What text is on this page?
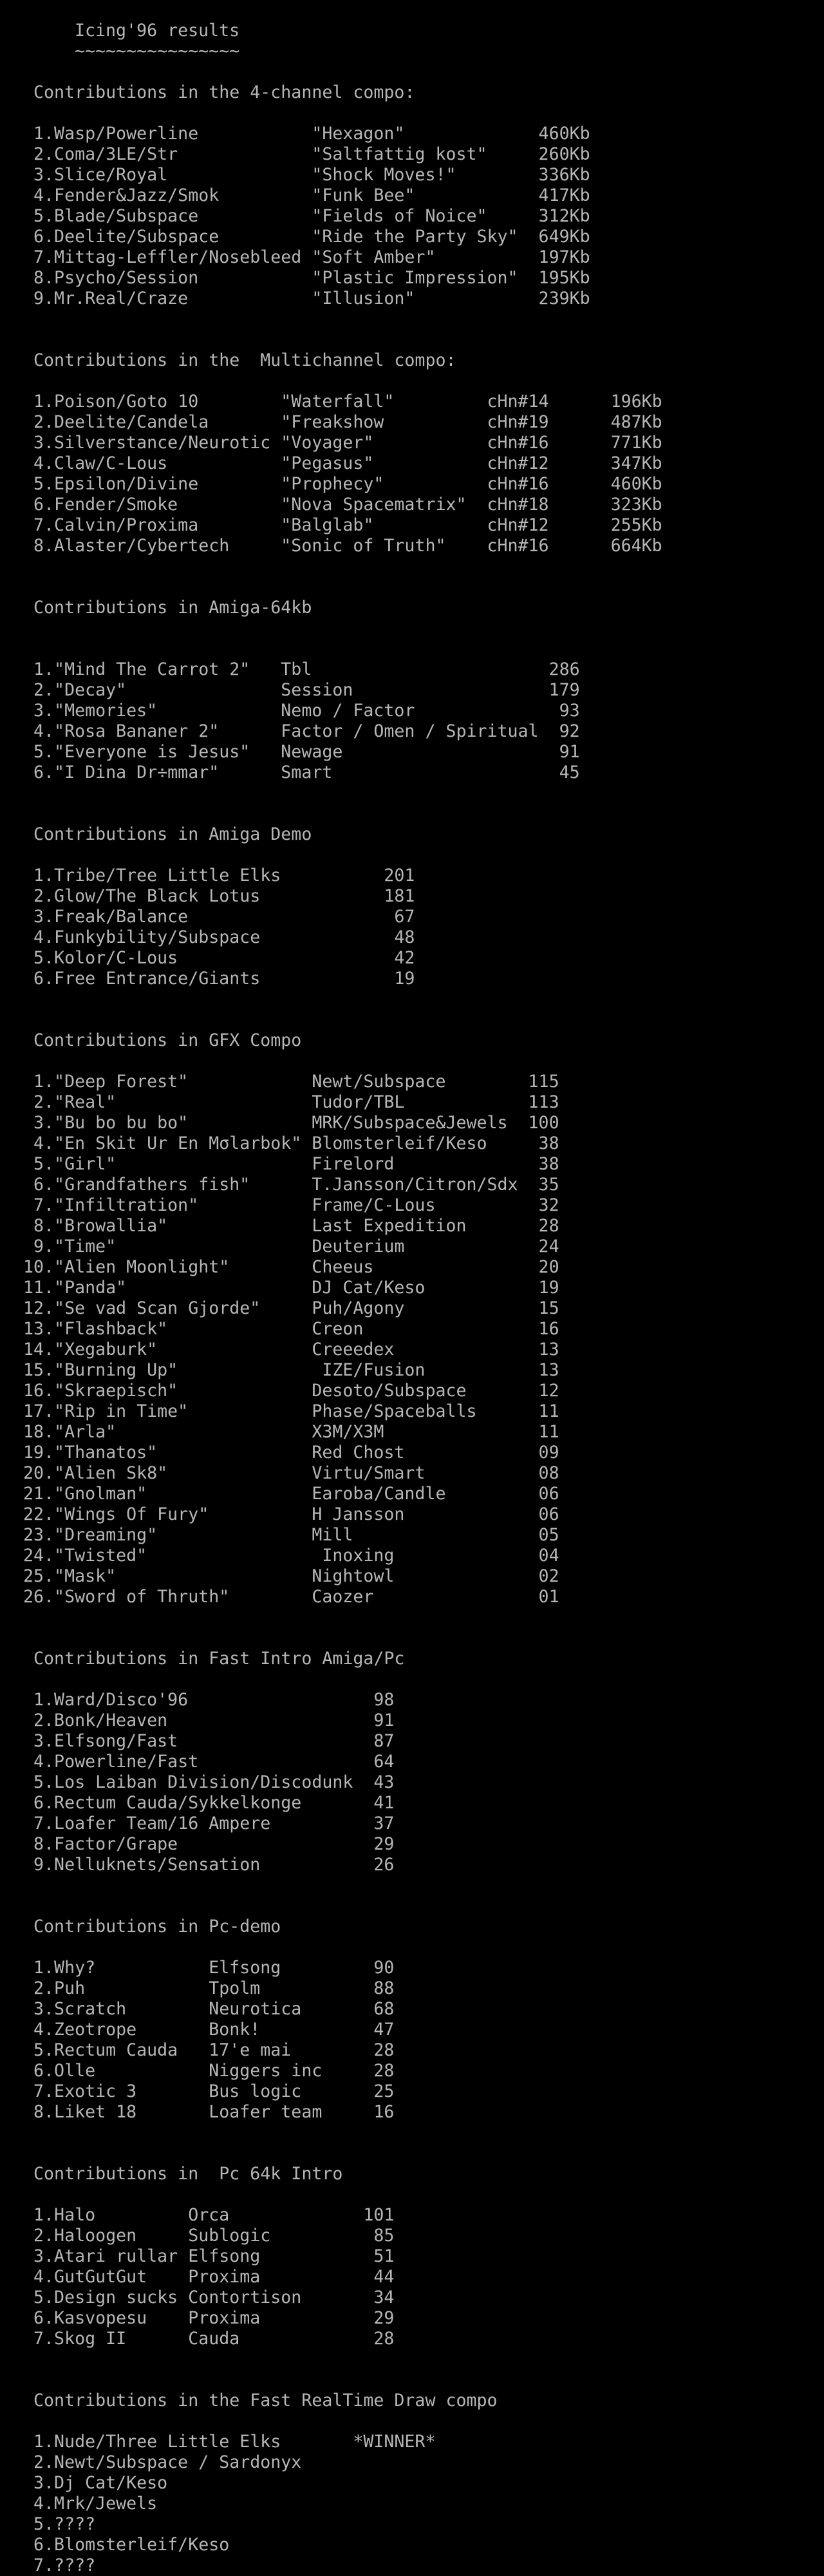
Icing'96 results
~~~~~~~~~~~~~~~~
Contributions in the 4-channel compo:
1.Wasp/Powerline           "Hexagon"             460Kb
2.Coma/3LE/Str             "Saltfattig kost"     260Kb
3.Slice/Royal              "Shock Moves!"        336Kb
4.Fender&Jazz/Smok         "Funk Bee"            417Kb
5.Blade/Subspace           "Fields of Noice"     312Kb
6.Deelite/Subspace         "Ride the Party Sky"  649Kb
7.Mittag-Leffler/Nosebleed "Soft Amber"          197Kb
8.Psycho/Session           "Plastic Impression"  195Kb
9.Mr.Real/Craze            "Illusion"            239Kb
Contributions in the  Multichannel compo:
1.Poison/Goto 10        "Waterfall"         cHn#14      196Kb
2.Deelite/Candela       "Freakshow          cHn#19      487Kb
3.Silverstance/Neurotic "Voyager"           cHn#16      771Kb
4.Claw/C-Lous           "Pegasus"           cHn#12      347Kb
5.Epsilon/Divine        "Prophecy"          cHn#16      460Kb
6.Fender/Smoke          "Nova Spacematrix"  cHn#18      323Kb
7.Calvin/Proxima        "Balglab"           cHn#12      255Kb
8.Alaster/Cybertech     "Sonic of Truth"    cHn#16      664Kb
Contributions in Amiga-64kb
1."Mind The Carrot 2"   Tbl                       286
2."Decay"               Session                   179
3."Memories"            Nemo / Factor              93
4."Rosa Bananer 2"      Factor / Omen / Spiritual  92
5."Everyone is Jesus"   Newage                     91
6."I Dina Dr÷mmar"      Smart                      45
Contributions in Amiga Demo
1.Tribe/Tree Little Elks          201
2.Glow/The Black Lotus            181
3.Freak/Balance                    67
4.Funkybility/Subspace             48
5.Kolor/C-Lous                     42
6.Free Entrance/Giants             19
Contributions in GFX Compo
1."Deep Forest"            Newt/Subspace        115
2."Real"                   Tudor/TBL            113
3."Bu bo bu bo"            MRK/Subspace&Jewels  100
4."En Skit Ur En Mσlarbok" Blomsterleif/Keso     38
5."Girl"                   Firelord              38
6."Grandfathers fish"      T.Jansson/Citron/Sdx  35
7."Infiltration"           Frame/C-Lous          32
8."Browallia"              Last Expedition       28
9."Time"                   Deuterium             24
10."Alien Moonlight"        Cheeus                20
11."Panda"                  DJ Cat/Keso           19
12."Se vad Scan Gjorde"     Puh/Agony             15
13."Flashback"              Creon                 16
14."Xegaburk"               Creeedex              13
15."Burning Up"              IZE/Fusion           13
16."Skraepisch"             Desoto/Subspace       12
17."Rip in Time"            Phase/Spaceballs      11
18."Arla"                   X3M/X3M               11
19."Thanatos"               Red Chost             09
20."Alien Sk8"              Virtu/Smart           08
21."Gnolman"                Earoba/Candle         06
22."Wings Of Fury"          H Jansson             06
23."Dreaming"               Mill                  05
24."Twisted"                 Inoxing              04
25."Mask"                   Nightowl              02
26."Sword of Thruth"        Caozer                01
Contributions in Fast Intro Amiga/Pc
1.Ward/Disco'96                  98
2.Bonk/Heaven                    91
3.Elfsong/Fast                   87
4.Powerline/Fast                 64
5.Los Laiban Division/Discodunk  43
6.Rectum Cauda/Sykkelkonge       41
7.Loafer Team/16 Ampere          37
8.Factor/Grape                   29
9.Nelluknets/Sensation           26
Contributions in Pc-demo
1.Why?           Elfsong         90
2.Puh            Tpolm           88
3.Scratch        Neurotica       68
4.Zeotrope       Bonk!           47
5.Rectum Cauda   17'e mai        28
6.Olle           Niggers inc     28
7.Exotic 3       Bus logic       25
8.Liket 18       Loafer team     16
Contributions in  Pc 64k Intro
1.Halo         Orca             101
2.Haloogen     Sublogic          85
3.Atari rullar Elfsong           51
4.GutGutGut    Proxima           44
5.Design sucks Contortison       34
6.Kasvopesu    Proxima           29
7.Skog II      Cauda             28
Contributions in the Fast RealTime Draw compo
1.Nude/Three Little Elks       *WINNER*
2.Newt/Subspace / Sardonyx
3.Dj Cat/Keso
4.Mrk/Jewels
5.????
6.Blomsterleif/Keso
7.????
